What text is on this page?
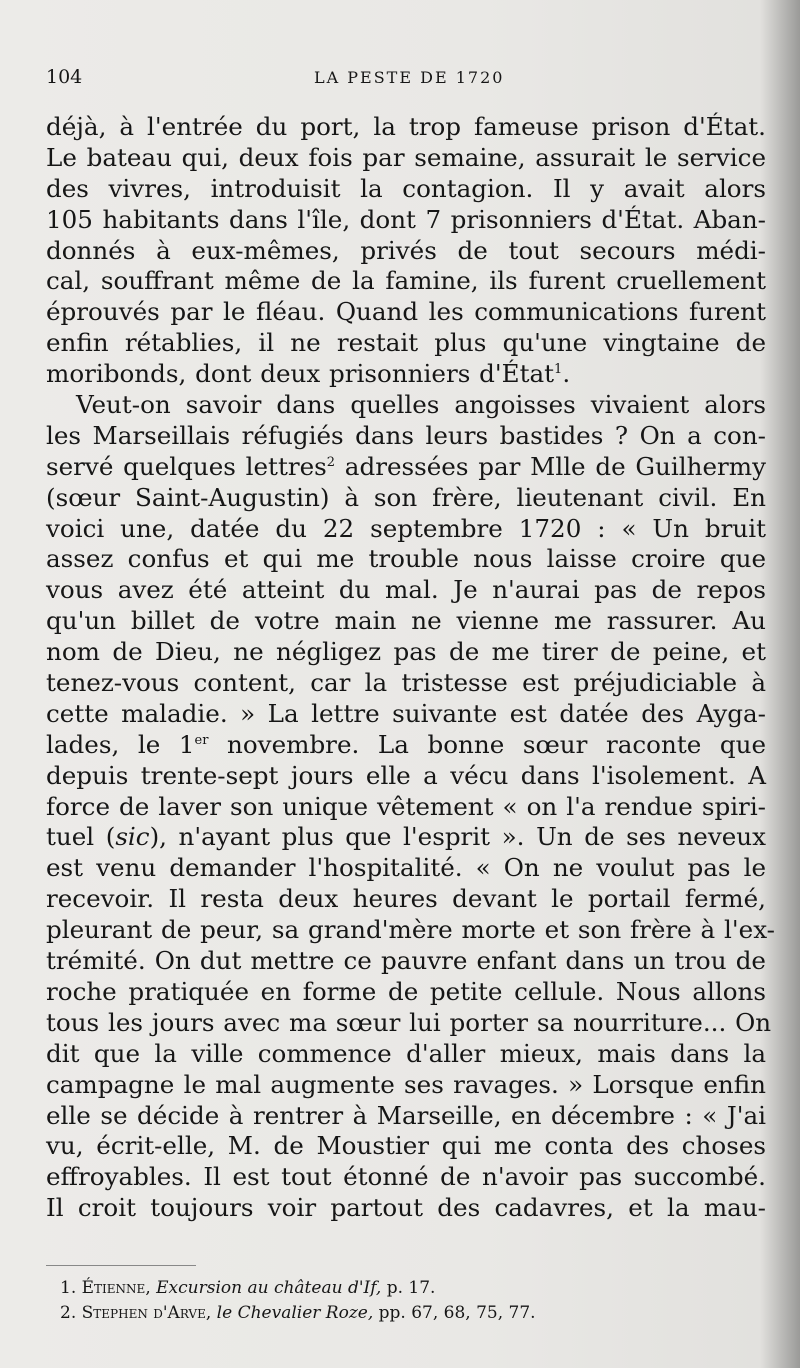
104	LA PESTE DE 1720
déjà, à l'entrée du port, la trop fameuse prison d'État.
Le bateau qui, deux fois par semaine, assurait le service
des vivres, introduisit la contagion. Il y avait alors
105 habitants dans l'île, dont 7 prisonniers d'État. Aban-
donnés à eux-mêmes, privés de tout secours médi-
cal, souffrant même de la famine, ils furent cruellement
éprouvés par le fléau. Quand les communications furent
enfin rétablies, il ne restait plus qu'une vingtaine de
moribonds, dont deux prisonniers d'État$^1$.
Veut-on savoir dans quelles angoisses vivaient alors
les Marseillais réfugiés dans leurs bastides ? On a con-
servé quelques lettres$^2$ adressées par Mlle de Guilhermy
(sœur Saint-Augustin) à son frère, lieutenant civil. En
voici une, datée du 22 septembre 1720 : « Un bruit
assez confus et qui me trouble nous laisse croire que
vous avez été atteint du mal. Je n'aurai pas de repos
qu'un billet de votre main ne vienne me rassurer. Au
nom de Dieu, ne négligez pas de me tirer de peine, et
tenez-vous content, car la tristesse est préjudiciable à
cette maladie. » La lettre suivante est datée des Ayga-
lades, le 1er novembre. La bonne sœur raconte que
depuis trente-sept jours elle a vécu dans l'isolement. A
force de laver son unique vêtement « on l'a rendue spiri-
tuel (sic), n'ayant plus que l'esprit ». Un de ses neveux
est venu demander l'hospitalité. « On ne voulut pas le
recevoir. Il resta deux heures devant le portail fermé,
pleurant de peur, sa grand'mère morte et son frère à l'ex-
trémité. On dut mettre ce pauvre enfant dans un trou de
roche pratiquée en forme de petite cellule. Nous allons
tous les jours avec ma sœur lui porter sa nourriture... On
dit que la ville commence d'aller mieux, mais dans la
campagne le mal augmente ses ravages. » Lorsque enfin
elle se décide à rentrer à Marseille, en décembre : « J'ai
vu, écrit-elle, M. de Moustier qui me conta des choses
effroyables. Il est tout étonné de n'avoir pas succombé.
Il croit toujours voir partout des cadavres, et la mau-
1. Étienne, Excursion au château d'If, p. 17.
2. Stephen d'Arve, le Chevalier Roze, pp. 67, 68, 75, 77.
